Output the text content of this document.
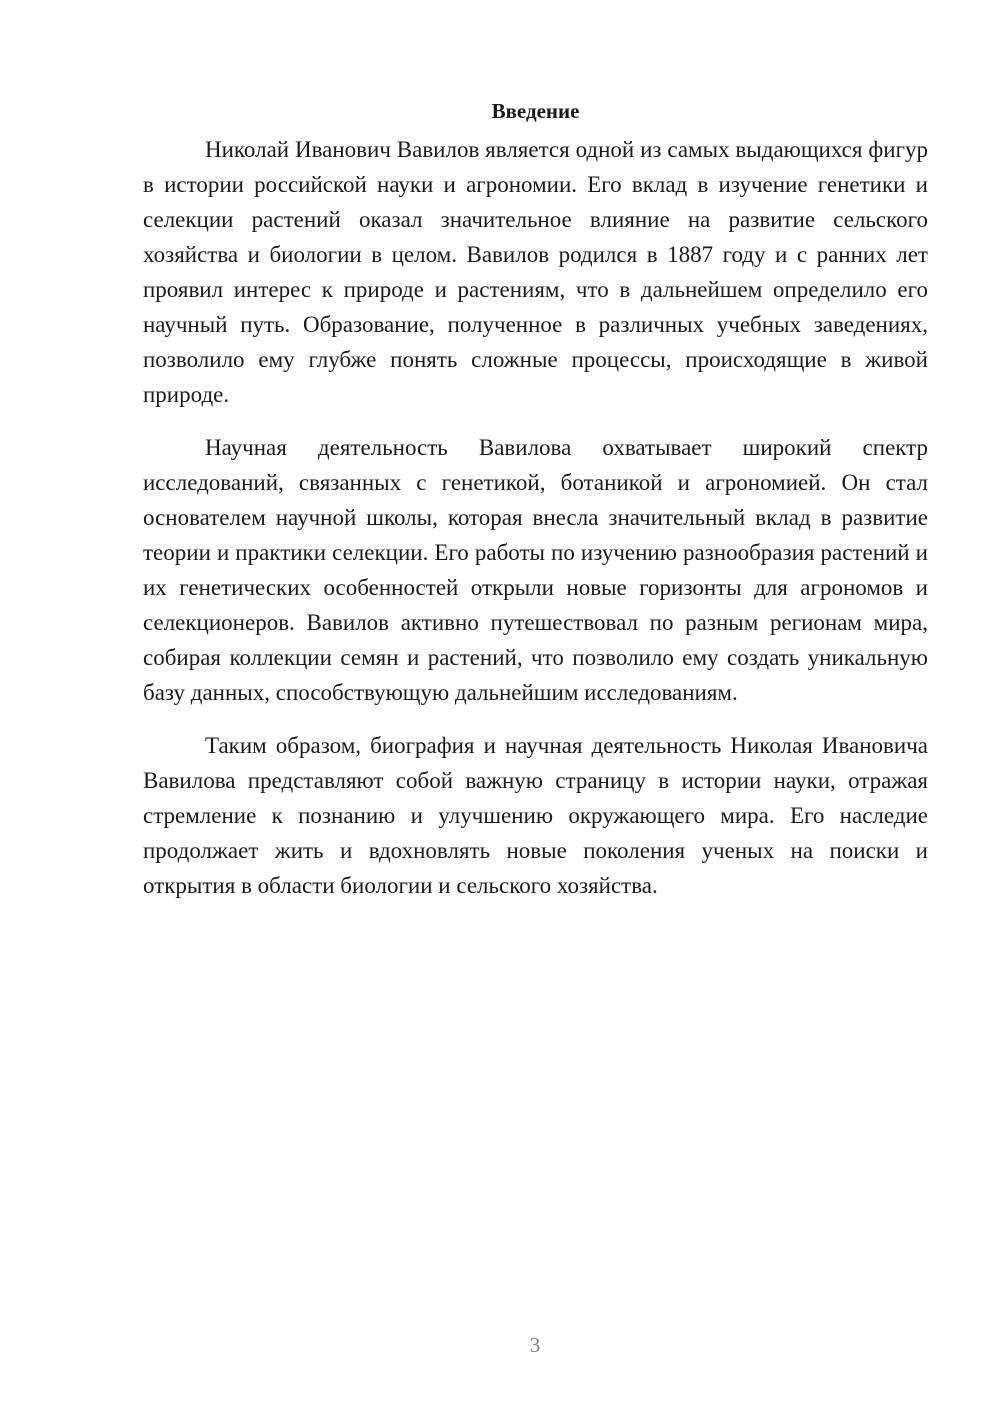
Введение

Николай Иванович Вавилов является одной из самых выдающихся фигур в истории российской науки и агрономии. Его вклад в изучение генетики и селекции растений оказал значительное влияние на развитие сельского хозяйства и биологии в целом. Вавилов родился в 1887 году и с ранних лет проявил интерес к природе и растениям, что в дальнейшем определило его научный путь. Образование, полученное в различных учебных заведениях, позволило ему глубже понять сложные процессы, происходящие в живой природе.

Научная деятельность Вавилова охватывает широкий спектр исследований, связанных с генетикой, ботаникой и агрономией. Он стал основателем научной школы, которая внесла значительный вклад в развитие теории и практики селекции. Его работы по изучению разнообразия растений и их генетических особенностей открыли новые горизонты для агрономов и селекционеров. Вавилов активно путешествовал по разным регионам мира, собирая коллекции семян и растений, что позволило ему создать уникальную базу данных, способствующую дальнейшим исследованиям.

Таким образом, биография и научная деятельность Николая Ивановича Вавилова представляют собой важную страницу в истории науки, отражая стремление к познанию и улучшению окружающего мира. Его наследие продолжает жить и вдохновлять новые поколения ученых на поиски и открытия в области биологии и сельского хозяйства.

3
